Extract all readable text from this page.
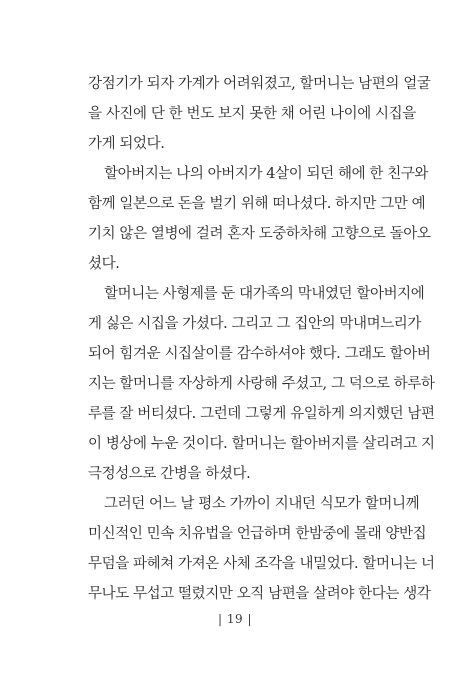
강점기가 되자 가계가 어려워졌고, 할머니는 남편의 얼굴
을 사진에 단 한 번도 보지 못한 채 어린 나이에 시집을
가게 되었다.
할아버지는 나의 아버지가 4살이 되던 해에 한 친구와
함께 일본으로 돈을 벌기 위해 떠나셨다. 하지만 그만 예
기치 않은 열병에 걸려 혼자 도중하차해 고향으로 돌아오
셨다.
할머니는 사형제를 둔 대가족의 막내였던 할아버지에
게 싫은 시집을 가셨다. 그리고 그 집안의 막내며느리가
되어 힘겨운 시집살이를 감수하셔야 했다. 그래도 할아버
지는 할머니를 자상하게 사랑해 주셨고, 그 덕으로 하루하
루를 잘 버티셨다. 그런데 그렇게 유일하게 의지했던 남편
이 병상에 누운 것이다. 할머니는 할아버지를 살리려고 지
극정성으로 간병을 하셨다.
그러던 어느 날 평소 가까이 지내던 식모가 할머니께
미신적인 민속 치유법을 언급하며 한밤중에 몰래 양반집
무덤을 파헤쳐 가져온 사체 조각을 내밀었다. 할머니는 너
무나도 무섭고 떨렸지만 오직 남편을 살려야 한다는 생각
| 19 |
